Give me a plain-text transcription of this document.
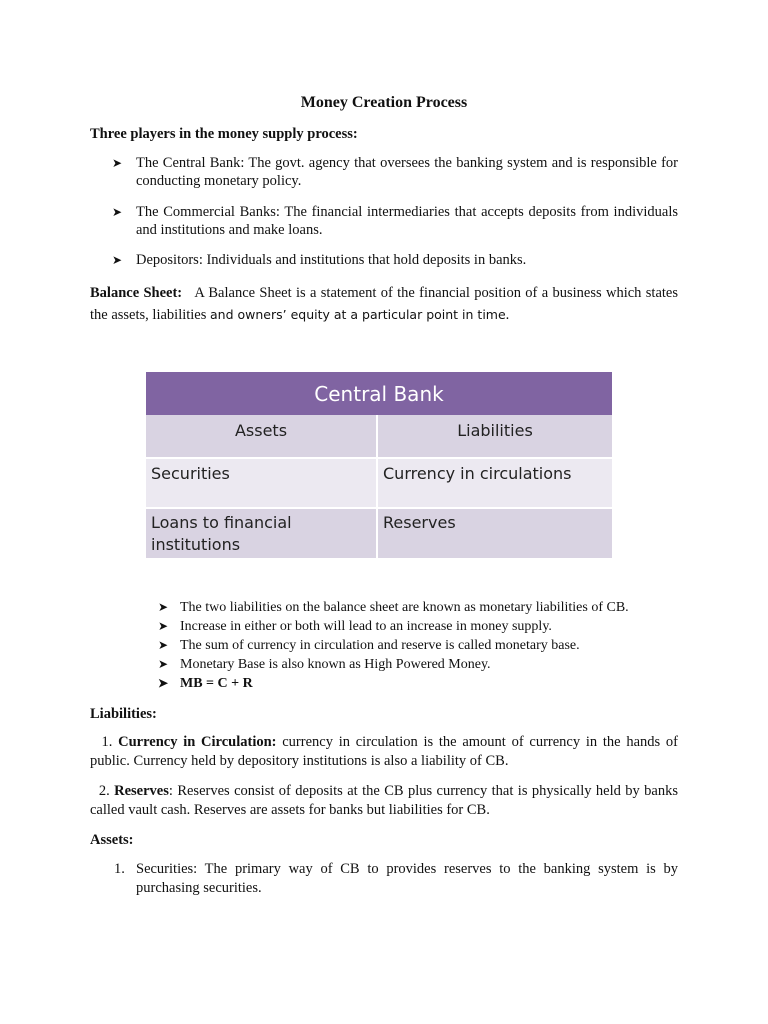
Money Creation Process
Three players in the money supply process:
➤ The Central Bank: The govt. agency that oversees the banking system and is responsible for conducting monetary policy.
➤ The Commercial Banks: The financial intermediaries that accepts deposits from individuals and institutions and make loans.
➤ Depositors: Individuals and institutions that hold deposits in banks.
Balance Sheet: A Balance Sheet is a statement of the financial position of a business which states the assets, liabilities and owners’ equity at a particular point in time.
Central Bank
Assets	Liabilities
Securities	Currency in circulations
Loans to financial institutions
Reserves
➤ The two liabilities on the balance sheet are known as monetary liabilities of CB.
➤ Increase in either or both will lead to an increase in money supply.
➤ The sum of currency in circulation and reserve is called monetary base.
➤ Monetary Base is also known as High Powered Money.
➤ MB = C + R
Liabilities:
1. Currency in Circulation: currency in circulation is the amount of currency in the hands of public. Currency held by depository institutions is also a liability of CB.
2. Reserves: Reserves consist of deposits at the CB plus currency that is physically held by banks called vault cash. Reserves are assets for banks but liabilities for CB.
Assets:
1. Securities: The primary way of CB to provides reserves to the banking system is by purchasing securities.
